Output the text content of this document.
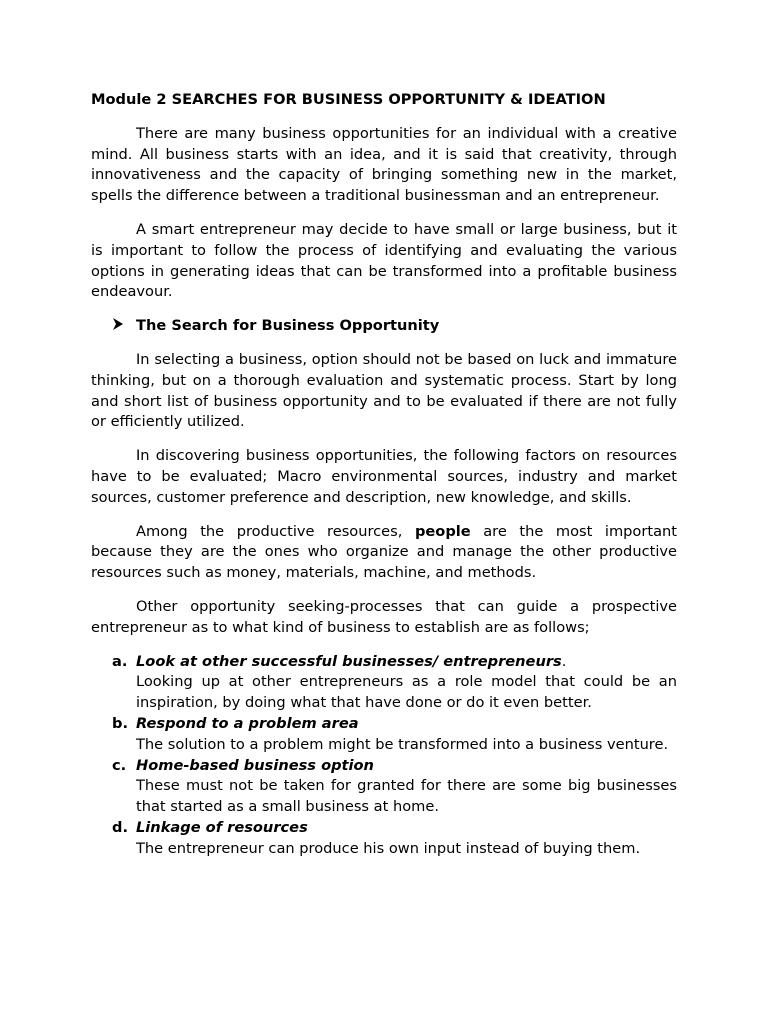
Module 2 SEARCHES FOR BUSINESS OPPORTUNITY & IDEATION

There are many business opportunities for an individual with a creative mind. All business starts with an idea, and it is said that creativity, through innovativeness and the capacity of bringing something new in the market, spells the difference between a traditional businessman and an entrepreneur.

A smart entrepreneur may decide to have small or large business, but it is important to follow the process of identifying and evaluating the various options in generating ideas that can be transformed into a profitable business endeavour.

The Search for Business Opportunity

In selecting a business, option should not be based on luck and immature thinking, but on a thorough evaluation and systematic process. Start by long and short list of business opportunity and to be evaluated if there are not fully or efficiently utilized.

In discovering business opportunities, the following factors on resources have to be evaluated; Macro environmental sources, industry and market sources, customer preference and description, new knowledge, and skills.

Among the productive resources, people are the most important because they are the ones who organize and manage the other productive resources such as money, materials, machine, and methods.

Other opportunity seeking-processes that can guide a prospective entrepreneur as to what kind of business to establish are as follows;

a. Look at other successful businesses/ entrepreneurs.
Looking up at other entrepreneurs as a role model that could be an inspiration, by doing what that have done or do it even better.
b. Respond to a problem area
The solution to a problem might be transformed into a business venture.
c. Home-based business option
These must not be taken for granted for there are some big businesses that started as a small business at home.
d. Linkage of resources
The entrepreneur can produce his own input instead of buying them.
